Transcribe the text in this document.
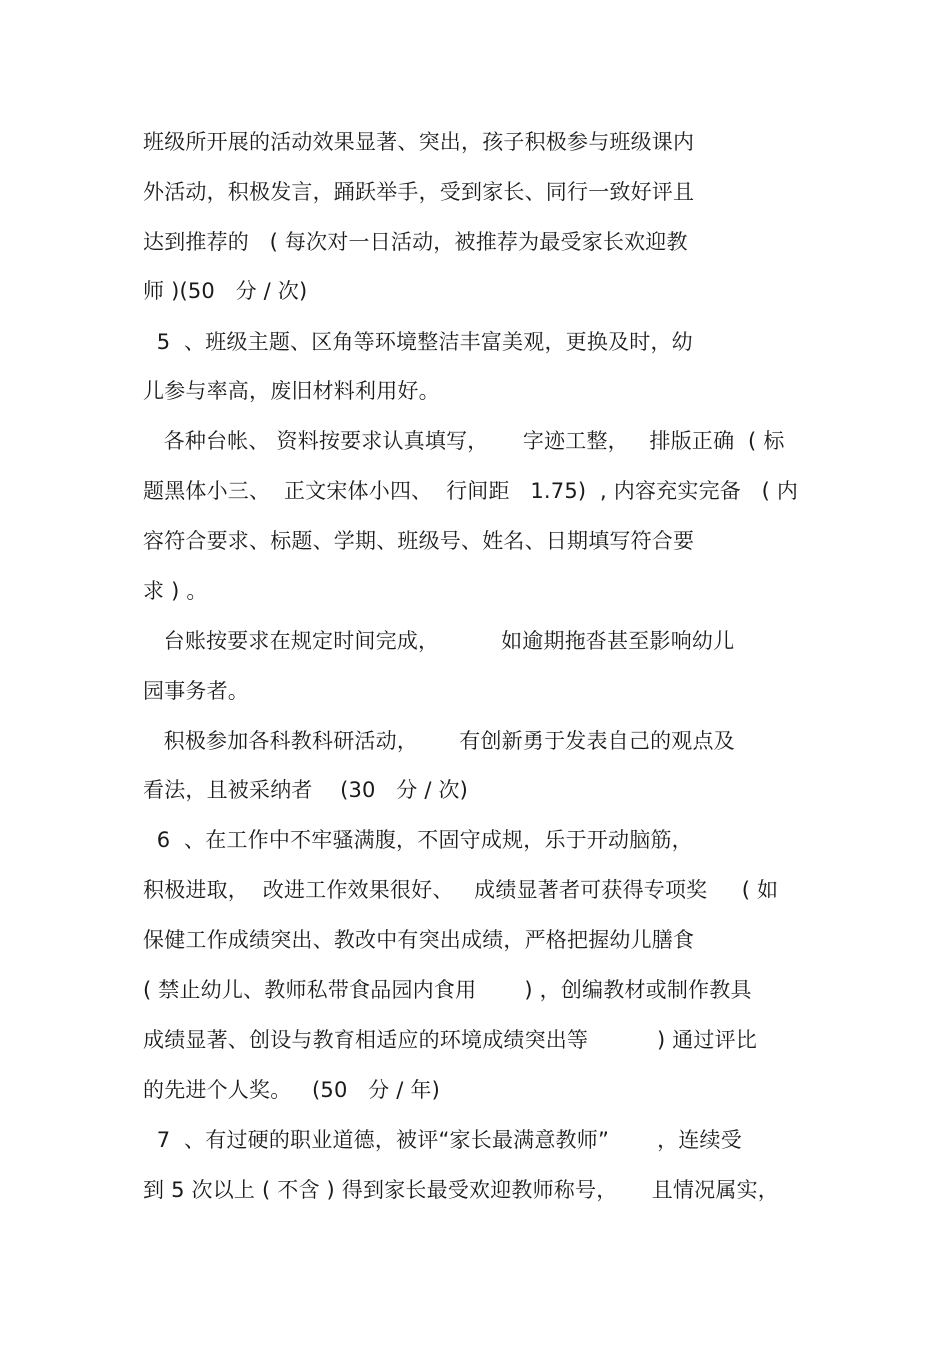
班级所开展的活动效果显著、突出，孩子积极参与班级课内
外活动，积极发言，踊跃举手，受到家长、同行一致好评且
达到推荐的   ( 每次对一日活动，被推荐为最受家长欢迎教
师 )(50   分 / 次)
5  、班级主题、区角等环境整洁丰富美观，更换及时，幼
儿参与率高，废旧材料利用好。
各种台帐、 资料按要求认真填写，     字迹工整，   排版正确  ( 标
题黑体小三、  正文宋体小四、  行间距   1.75)  , 内容充实完备   ( 内
容符合要求、标题、学期、班级号、姓名、日期填写符合要
求 ) 。
台账按要求在规定时间完成，         如逾期拖沓甚至影响幼儿
园事务者。
积极参加各科教科研活动，      有创新勇于发表自己的观点及
看法，且被采纳者    (30   分 / 次)
6  、在工作中不牢骚满腹，不固守成规，乐于开动脑筋，
积极进取，  改进工作效果很好、   成绩显著者可获得专项奖     ( 如
保健工作成绩突出、教改中有突出成绩，严格把握幼儿膳食
( 禁止幼儿、教师私带食品园内食用       ) ，创编教材或制作教具
成绩显著、创设与教育相适应的环境成绩突出等          ) 通过评比
的先进个人奖。   (50   分 / 年)
7  、有过硬的职业道德，被评“家长最满意教师”       ，连续受
到 5 次以上 ( 不含 ) 得到家长最受欢迎教师称号，     且情况属实，
